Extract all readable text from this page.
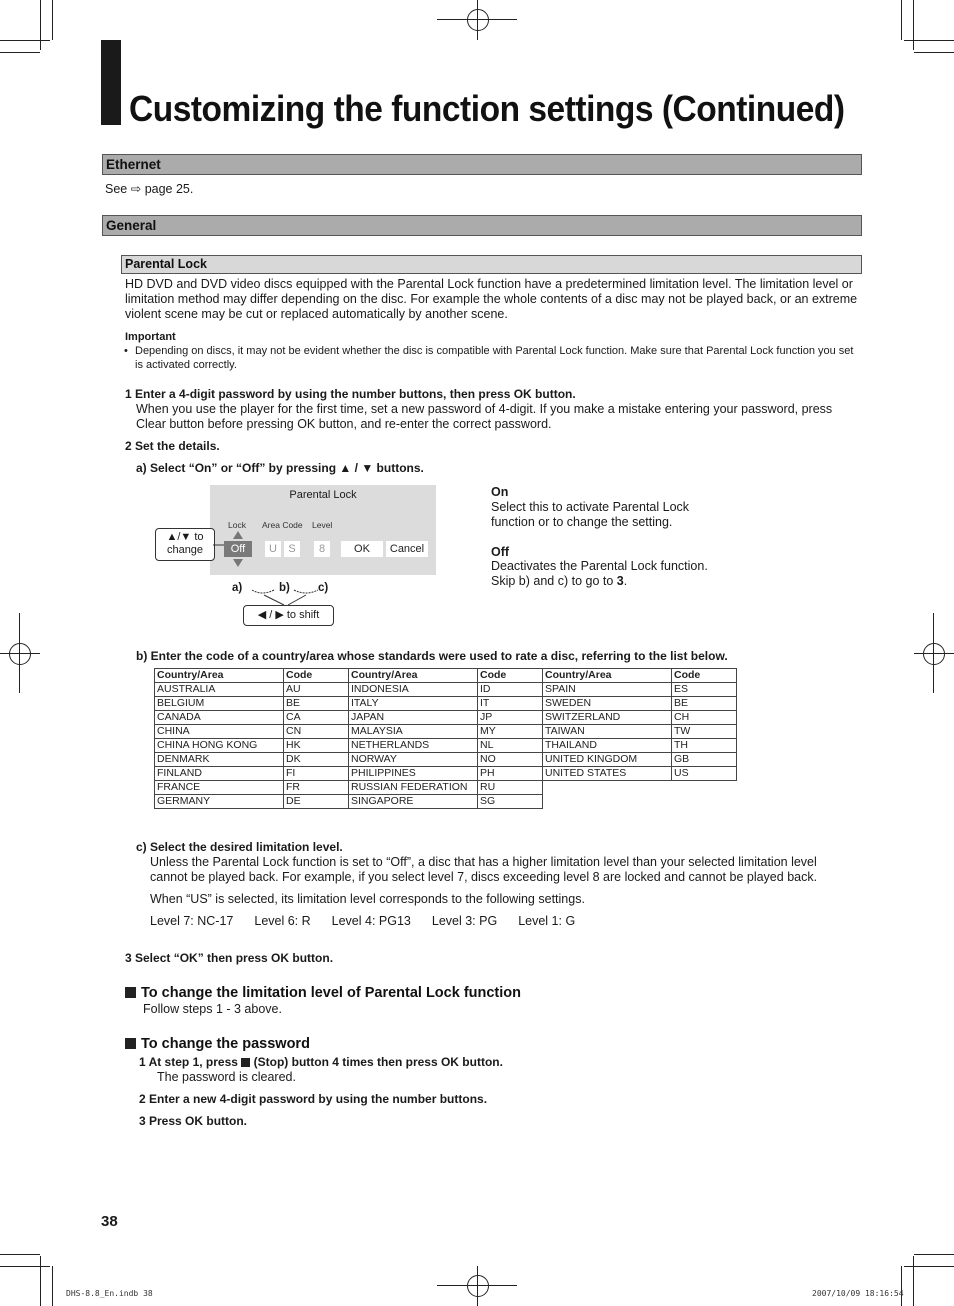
Customizing the function settings (Continued)
Ethernet
See ⇨ page 25.
General
Parental Lock
HD DVD and DVD video discs equipped with the Parental Lock function have a predetermined limitation level. The limitation level or limitation method may differ depending on the disc. For example the whole contents of a disc may not be played back, or an extreme violent scene may be cut or replaced automatically by another scene.
Important
• Depending on discs, it may not be evident whether the disc is compatible with Parental Lock function. Make sure that Parental Lock function you set is activated correctly.
1 Enter a 4-digit password by using the number buttons, then press OK button.
When you use the player for the first time, set a new password of 4-digit. If you make a mistake entering your password, press Clear button before pressing OK button, and re-enter the correct password.
2 Set the details.
a) Select “On” or “Off” by pressing ▲ / ▼ buttons.
Parental Lock
Lock Area Code Level
Off	U	S	8	OK	Cancel
▲/▼ to
change
a)	b) c)
◀ / ▶ to shift
On
Select this to activate Parental Lock
function or to change the setting.
Off
Deactivates the Parental Lock function.
Skip b) and c) to go to 3.
b) Enter the code of a country/area whose standards were used to rate a disc, referring to the list below.
Country/Area	Code	Country/Area	Code	Country/Area	Code
AUSTRALIA	AU	INDONESIA	ID	SPAIN	ES
BELGIUM	BE	ITALY	IT	SWEDEN	BE
CANADA	CA	JAPAN	JP	SWITZERLAND	CH
CHINA	CN	MALAYSIA	MY	TAIWAN	TW
CHINA HONG KONG	HK	NETHERLANDS	NL	THAILAND	TH
DENMARK	DK	NORWAY	NO	UNITED KINGDOM	GB
FINLAND	FI	PHILIPPINES	PH	UNITED STATES	US
FRANCE	FR	RUSSIAN FEDERATION	RU		
GERMANY	DE	SINGAPORE	SG		
c) Select the desired limitation level.
Unless the Parental Lock function is set to “Off”, a disc that has a higher limitation level than your selected limitation level cannot be played back. For example, if you select level 7, discs exceeding level 8 are locked and cannot be played back.
When “US” is selected, its limitation level corresponds to the following settings.
Level 7: NC-17 Level 6: R Level 4: PG13 Level 3: PG Level 1: G
3 Select “OK” then press OK button.
To change the limitation level of Parental Lock function
Follow steps 1 - 3 above.
To change the password
1 At step 1, press (Stop) button 4 times then press OK button.
The password is cleared.
2 Enter a new 4-digit password by using the number buttons.
3 Press OK button.
38
DHS-8.8_En.indb 38	2007/10/09 18:16:54
